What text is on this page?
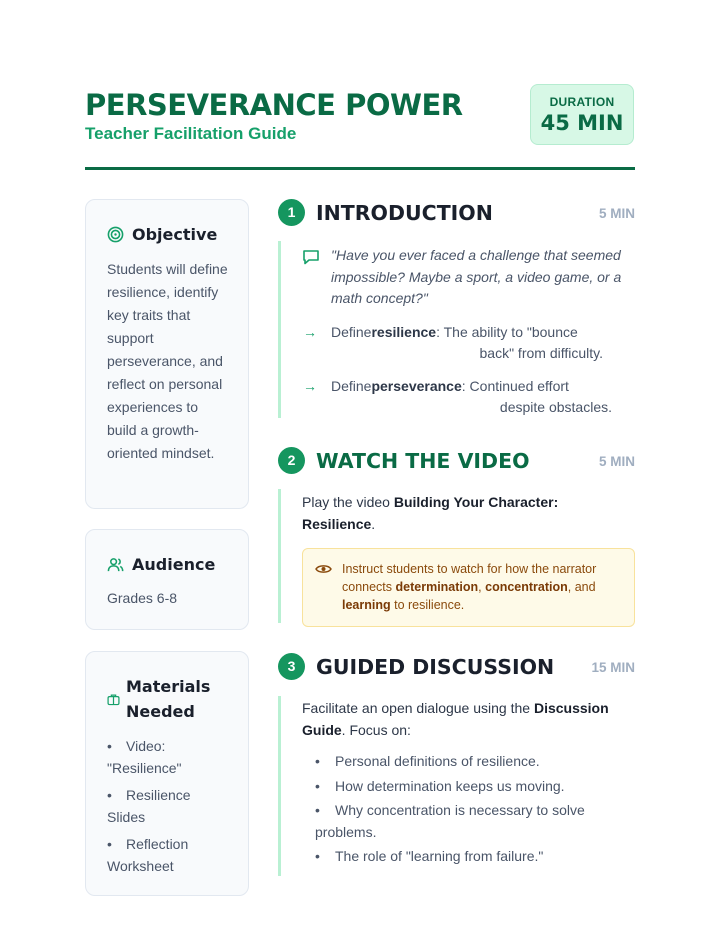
PERSEVERANCE POWER
Teacher Facilitation Guide
DURATION
45 MIN
Objective
Students will define resilience, identify key traits that support perseverance, and reflect on personal experiences to build a growth-oriented mindset.
Audience
Grades 6-8
Materials
Needed
• Video: "Resilience"
• Resilience Slides
• Reflection Worksheet
1	INTRODUCTION	5 MIN
"Have you ever faced a challenge that seemed impossible? Maybe a sport, a video game, or a math concept?"
→ Defineresilience: The ability to "bounce
back" from difficulty.
→ Defineperseverance: Continued effort
despite obstacles.
2	WATCH THE VIDEO	5 MIN
Play the video Building Your Character: Resilience.
Instruct students to watch for how the narrator connects determination, concentration, and learning to resilience.
3	GUIDED DISCUSSION	15 MIN
Facilitate an open dialogue using the Discussion Guide. Focus on:
• Personal definitions of resilience.
• How determination keeps us moving.
• Why concentration is necessary to solve problems.
• The role of "learning from failure."
